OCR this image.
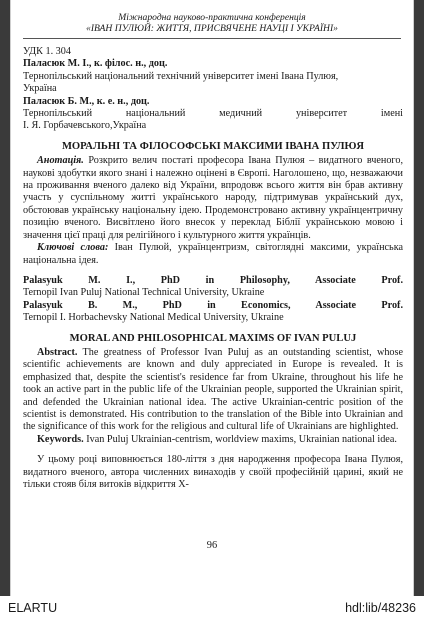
Міжнародна науково-практична конференція
«ІВАН ПУЛЮЙ: ЖИТТЯ, ПРИСВЯЧЕНЕ НАУЦІ І УКРАЇНІ»

УДК 1. 304

Паласюк М. І., к. філос. н., доц.

Тернопільський національний технічний університет імені Івана Пулюя,

Україна

Паласюк Б. М., к. е. н., доц.

Тернопільський національний медичний університет імені

І. Я. Горбачевського,Україна

МОРАЛЬНІ ТА ФІЛОСОФСЬКІ МАКСИМИ ІВАНА ПУЛЮЯ

Анотація. Розкрито велич постаті професора Івана Пулюя – видатного вченого, наукові здобутки якого знані і належно оцінені в Європі. Наголошено, що, незважаючи на проживання вченого далеко від України, впродовж всього життя він брав активну участь у суспільному житті українського народу, підтримував український дух, обстоював українську національну ідею. Продемонстровано активну українцентричну позицію вченого. Висвітлено його внесок у переклад Біблії українською мовою і значення цієї праці для релігійного і культурного життя українців.

Ключові слова: Іван Пулюй, українцентризм, світоглядні максими, українська національна ідея.

Palasyuk M. I., PhD in Philosophy, Associate Prof.

Ternopil Ivan Puluj National Technical University, Ukraine

Palasyuk B. M., PhD in Economics, Associate Prof.

Ternopil I. Horbachevsky National Medical University, Ukraine

MORAL AND PHILOSOPHICAL MAXIMS OF IVAN PULUJ

Abstract. The greatness of Professor Ivan Puluj as an outstanding scientist, whose scientific achievements are known and duly appreciated in Europe is revealed. It is emphasized that, despite the scientist's residence far from Ukraine, throughout his life he took an active part in the public life of the Ukrainian people, supported the Ukrainian spirit, and defended the Ukrainian national idea. The active Ukrainian-centric position of the scientist is demonstrated. His contribution to the translation of the Bible into Ukrainian and the significance of this work for the religious and cultural life of Ukrainians are highlighted.

Keywords. Ivan Puluj Ukrainian-centrism, worldview maxims, Ukrainian national idea.

У цьому році виповнюється 180-ліття з дня народження професора Івана Пулюя, видатного вченого, автора численних винаходів у своїй професійній царині, який не тільки стояв біля витоків відкриття Х-

96
ELARTU	hdl:lib/48236
